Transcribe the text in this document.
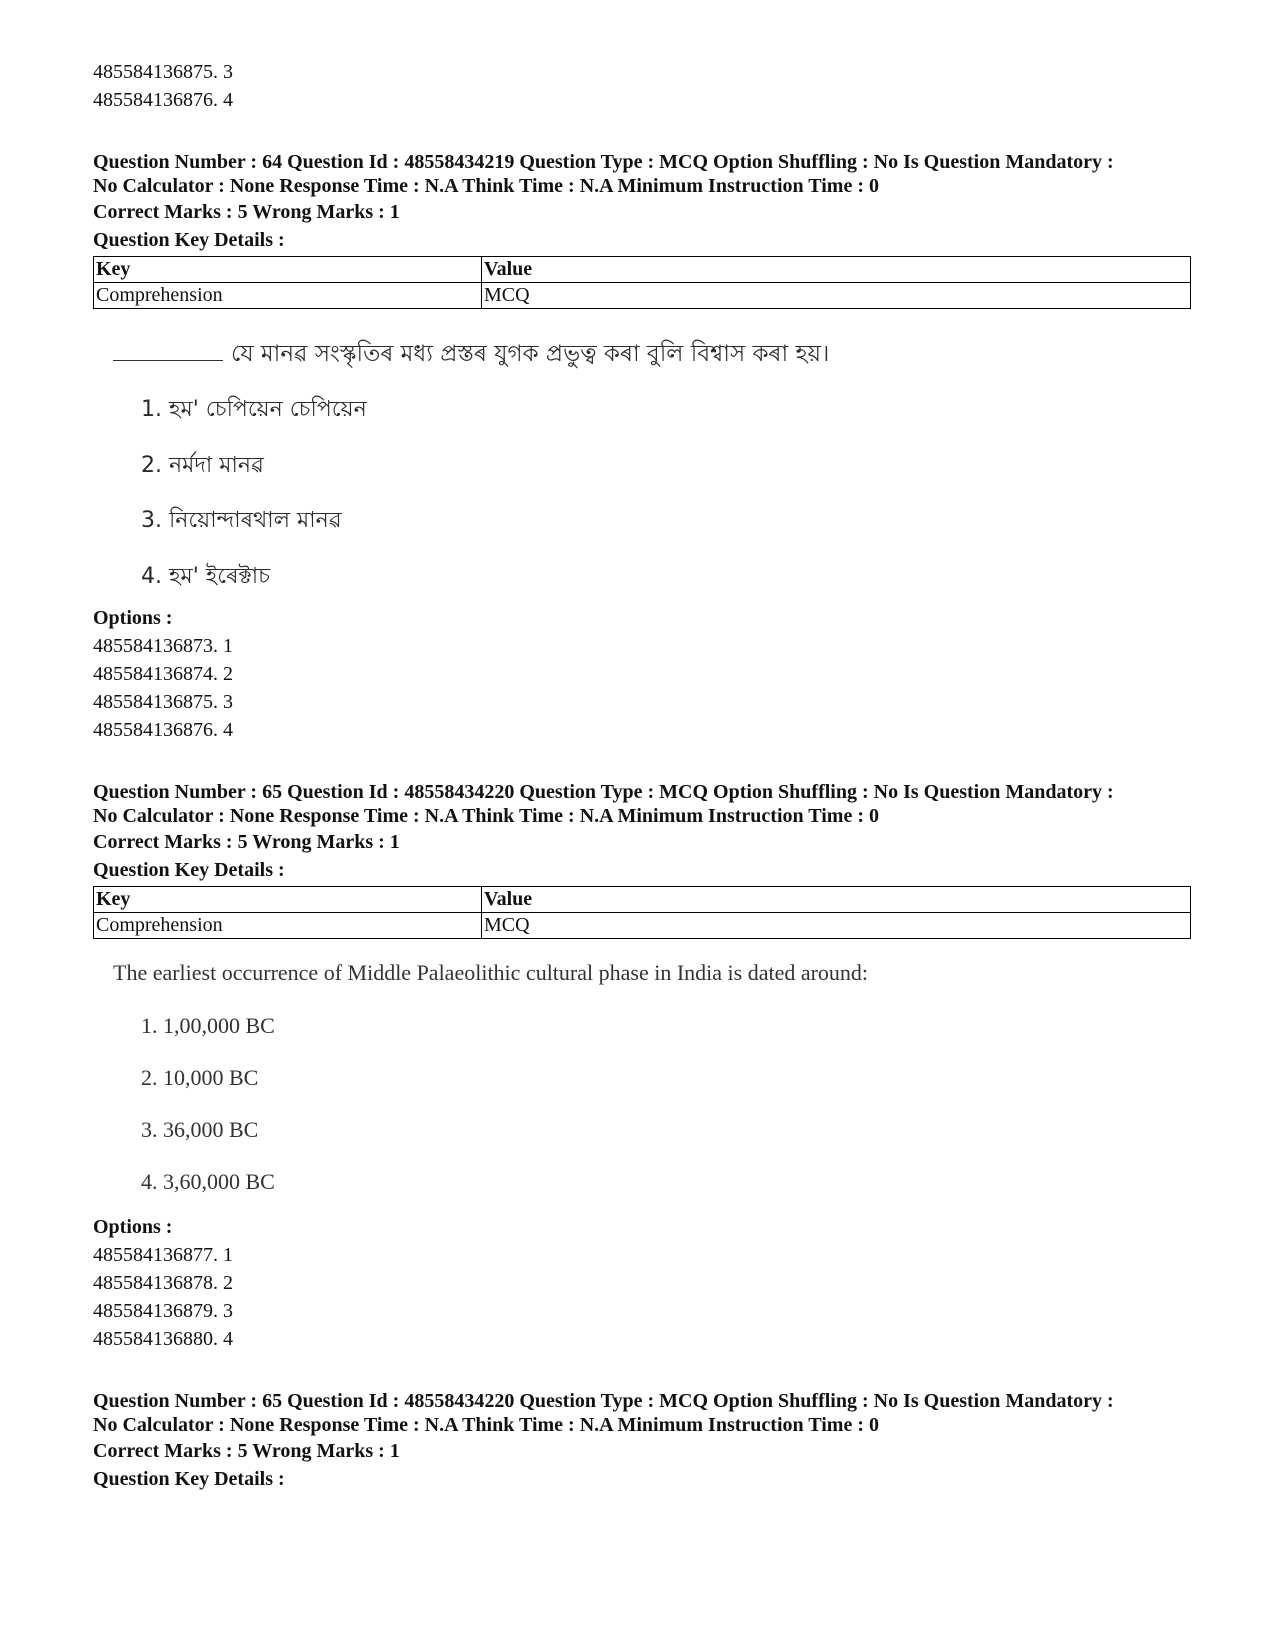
485584136875. 3
485584136876. 4
Question Number : 64 Question Id : 48558434219 Question Type : MCQ Option Shuffling : No Is Question Mandatory :
No Calculator : None Response Time : N.A Think Time : N.A Minimum Instruction Time : 0
Correct Marks : 5 Wrong Marks : 1
Question Key Details :
Key	Value
Comprehension	MCQ
যে মানৱ সংস্কৃতিৰ মধ্য প্ৰস্তৰ যুগক প্ৰভুত্ব কৰা বুলি বিশ্বাস কৰা হয়।
1. হম' চেপিয়েন চেপিয়েন
2. নৰ্মদা মানৱ
3. নিয়োন্দাৰথাল মানৱ
4. হম' ইৰেক্টাচ
Options :
485584136873. 1
485584136874. 2
485584136875. 3
485584136876. 4
Question Number : 65 Question Id : 48558434220 Question Type : MCQ Option Shuffling : No Is Question Mandatory :
No Calculator : None Response Time : N.A Think Time : N.A Minimum Instruction Time : 0
Correct Marks : 5 Wrong Marks : 1
Question Key Details :
Key	Value
Comprehension	MCQ
The earliest occurrence of Middle Palaeolithic cultural phase in India is dated around:
1. 1,00,000 BC
2. 10,000 BC
3. 36,000 BC
4. 3,60,000 BC
Options :
485584136877. 1
485584136878. 2
485584136879. 3
485584136880. 4
Question Number : 65 Question Id : 48558434220 Question Type : MCQ Option Shuffling : No Is Question Mandatory :
No Calculator : None Response Time : N.A Think Time : N.A Minimum Instruction Time : 0
Correct Marks : 5 Wrong Marks : 1
Question Key Details :
